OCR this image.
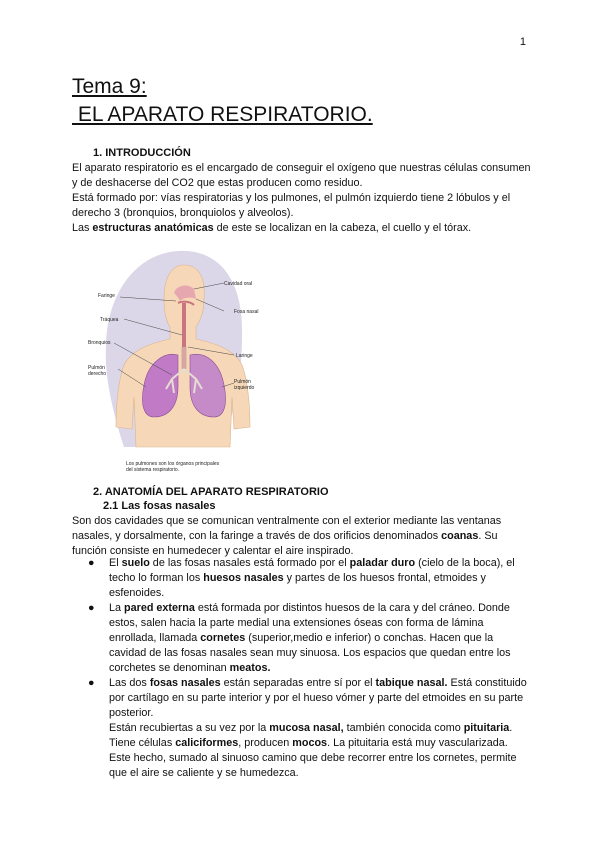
1
Tema 9:
EL APARATO RESPIRATORIO.
1. INTRODUCCIÓN

El aparato respiratorio es el encargado de conseguir el oxígeno que nuestras células consumen y de deshacerse del CO2 que estas producen como residuo.

Está formado por: vías respiratorias y los pulmones, el pulmón izquierdo tiene 2 lóbulos y el derecho 3 (bronquios, bronquiolos y alveolos).

Las estructuras anatómicas de este se localizan en la cabeza, el cuello y el tórax.

Cavidad oral
Faringe
Fosa nasal
Tráquea
Bronquios
Laringe
Pulmón
derecho
Pulmón
izquierdo
Los pulmones son los órganos principales
del sistema respiratorio.
2. ANATOMÍA DEL APARATO RESPIRATORIO
2.1 Las fosas nasales

Son dos cavidades que se comunican ventralmente con el exterior mediante las ventanas nasales, y dorsalmente, con la faringe a través de dos orificios denominados coanas. Su función consiste en humedecer y calentar el aire inspirado.

● El suelo de las fosas nasales está formado por el paladar duro (cielo de la boca), el techo lo forman los huesos nasales y partes de los huesos frontal, etmoides y esfenoides.
● La pared externa está formada por distintos huesos de la cara y del cráneo. Donde estos, salen hacia la parte medial una extensiones óseas con forma de lámina enrollada, llamada cornetes (superior,medio e inferior) o conchas. Hacen que la cavidad de las fosas nasales sean muy sinuosa. Los espacios que quedan entre los corchetes se denominan meatos.
● Las dos fosas nasales están separadas entre sí por el tabique nasal. Está constituido por cartílago en su parte interior y por el hueso vómer y parte del etmoides en su parte posterior.
Están recubiertas a su vez por la mucosa nasal, también conocida como pituitaria. Tiene células caliciformes, producen mocos. La pituitaria está muy vascularizada.
Este hecho, sumado al sinuoso camino que debe recorrer entre los cornetes, permite que el aire se caliente y se humedezca.
